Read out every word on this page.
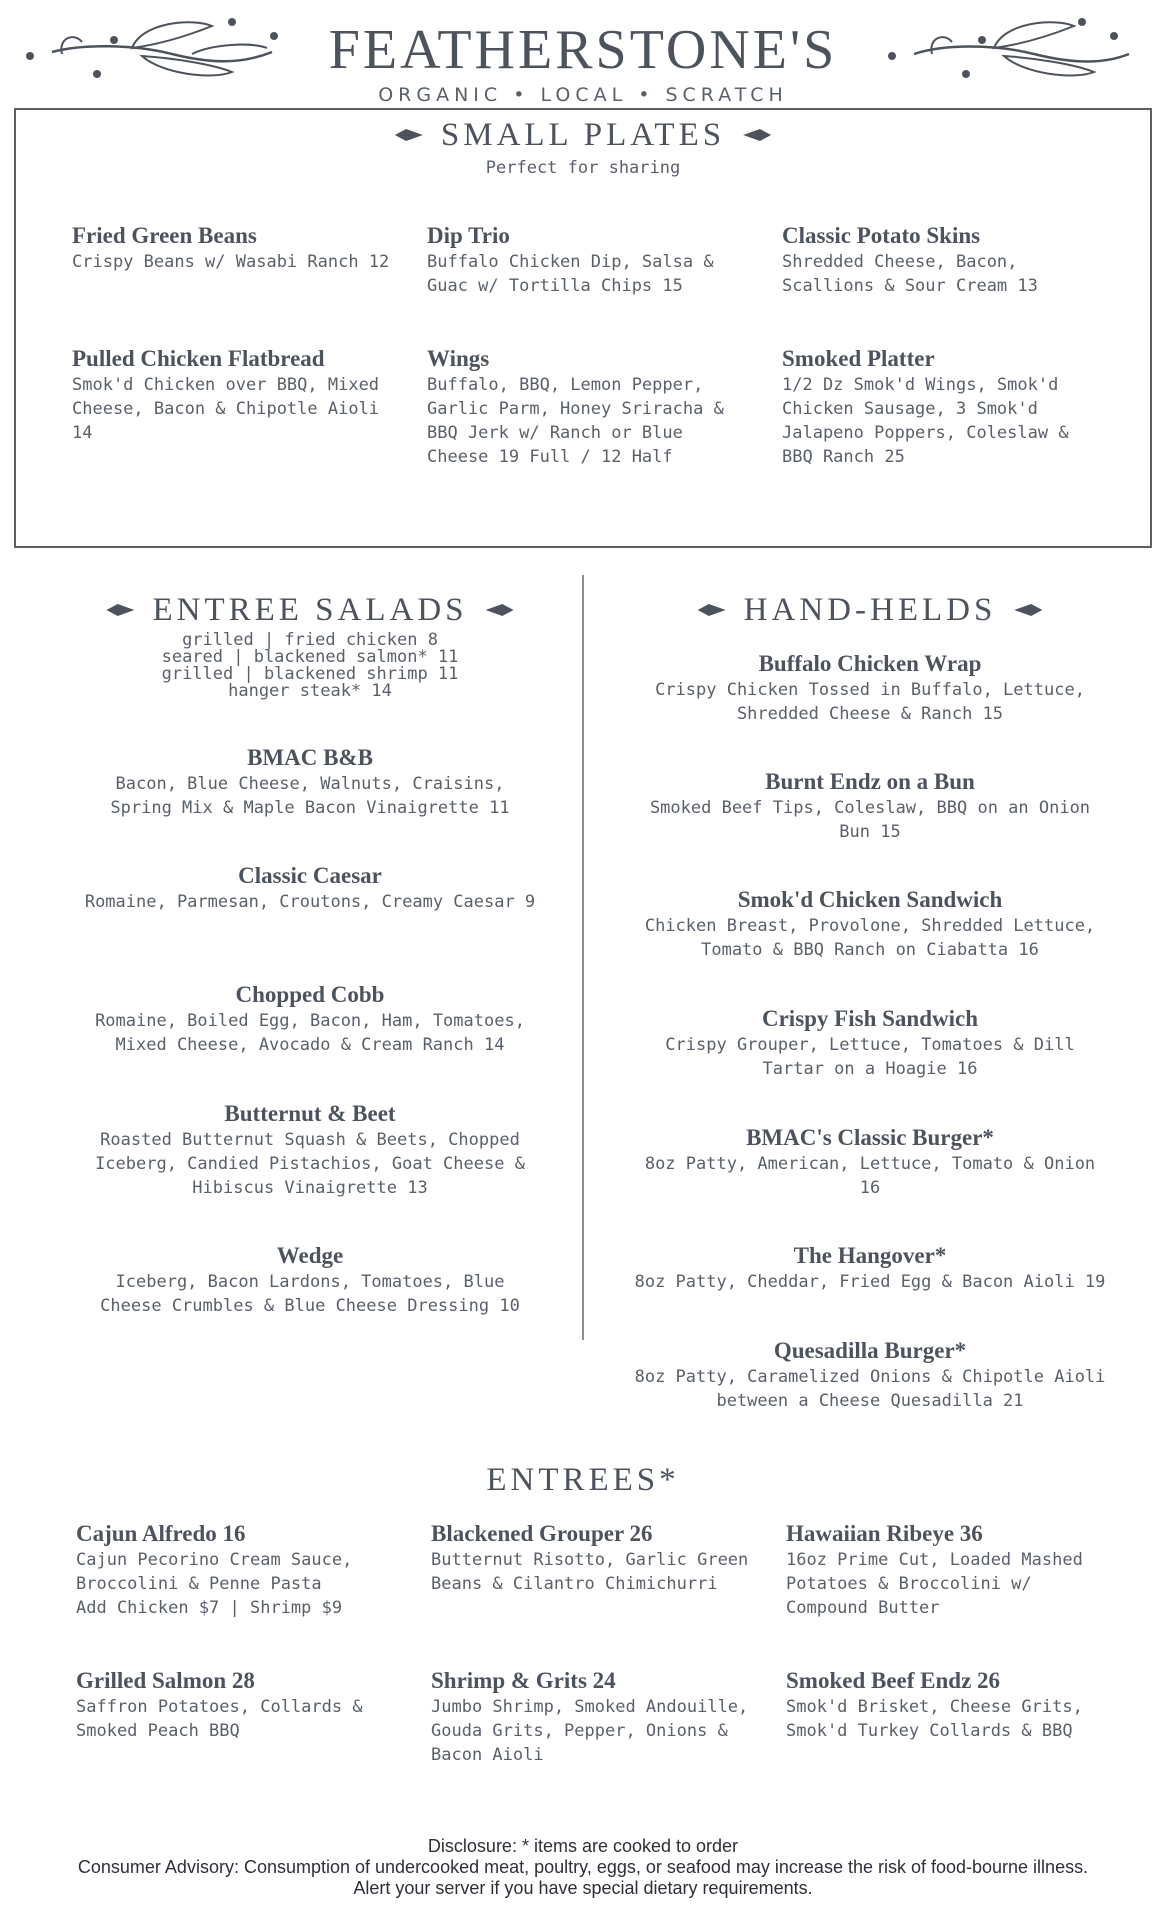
FEATHERSTONE'S
ORGANIC • LOCAL • SCRATCH
SMALL PLATES
Perfect for sharing
Fried Green Beans
Crispy Beans w/ Wasabi Ranch 12
Dip Trio
Buffalo Chicken Dip, Salsa & Guac w/ Tortilla Chips 15
Classic Potato Skins
Shredded Cheese, Bacon, Scallions & Sour Cream 13
Pulled Chicken Flatbread
Smok'd Chicken over BBQ, Mixed Cheese, Bacon & Chipotle Aioli 14
Wings
Buffalo, BBQ, Lemon Pepper, Garlic Parm, Honey Sriracha & BBQ Jerk w/ Ranch or Blue Cheese 19 Full / 12 Half
Smoked Platter
1/2 Dz Smok'd Wings, Smok'd Chicken Sausage, 3 Smok'd Jalapeno Poppers, Coleslaw & BBQ Ranch 25
ENTREE SALADS
grilled | fried chicken 8
seared | blackened salmon* 11
grilled | blackened shrimp 11
hanger steak* 14
BMAC B&B
Bacon, Blue Cheese, Walnuts, Craisins, Spring Mix & Maple Bacon Vinaigrette 11
Classic Caesar
Romaine, Parmesan, Croutons, Creamy Caesar 9
Chopped Cobb
Romaine, Boiled Egg, Bacon, Ham, Tomatoes, Mixed Cheese, Avocado & Cream Ranch 14
Butternut & Beet
Roasted Butternut Squash & Beets, Chopped Iceberg, Candied Pistachios, Goat Cheese & Hibiscus Vinaigrette 13
Wedge
Iceberg, Bacon Lardons, Tomatoes, Blue Cheese Crumbles & Blue Cheese Dressing 10
HAND-HELDS
Buffalo Chicken Wrap
Crispy Chicken Tossed in Buffalo, Lettuce, Shredded Cheese & Ranch 15
Burnt Endz on a Bun
Smoked Beef Tips, Coleslaw, BBQ on an Onion Bun 15
Smok'd Chicken Sandwich
Chicken Breast, Provolone, Shredded Lettuce, Tomato & BBQ Ranch on Ciabatta 16
Crispy Fish Sandwich
Crispy Grouper, Lettuce, Tomatoes & Dill Tartar on a Hoagie 16
BMAC's Classic Burger*
8oz Patty, American, Lettuce, Tomato & Onion 16
The Hangover*
8oz Patty, Cheddar, Fried Egg & Bacon Aioli 19
Quesadilla Burger*
8oz Patty, Caramelized Onions & Chipotle Aioli between a Cheese Quesadilla 21
ENTREES*
Cajun Alfredo 16
Cajun Pecorino Cream Sauce, Broccolini & Penne Pasta
Add Chicken $7 | Shrimp $9
Blackened Grouper 26
Butternut Risotto, Garlic Green Beans & Cilantro Chimichurri
Hawaiian Ribeye 36
16oz Prime Cut, Loaded Mashed Potatoes & Broccolini w/ Compound Butter
Grilled Salmon 28
Saffron Potatoes, Collards & Smoked Peach BBQ
Shrimp & Grits 24
Jumbo Shrimp, Smoked Andouille, Gouda Grits, Pepper, Onions & Bacon Aioli
Smoked Beef Endz 26
Smok'd Brisket, Cheese Grits, Smok'd Turkey Collards & BBQ
Disclosure: * items are cooked to order
Consumer Advisory: Consumption of undercooked meat, poultry, eggs, or seafood may increase the risk of food-bourne illness.
Alert your server if you have special dietary requirements.
